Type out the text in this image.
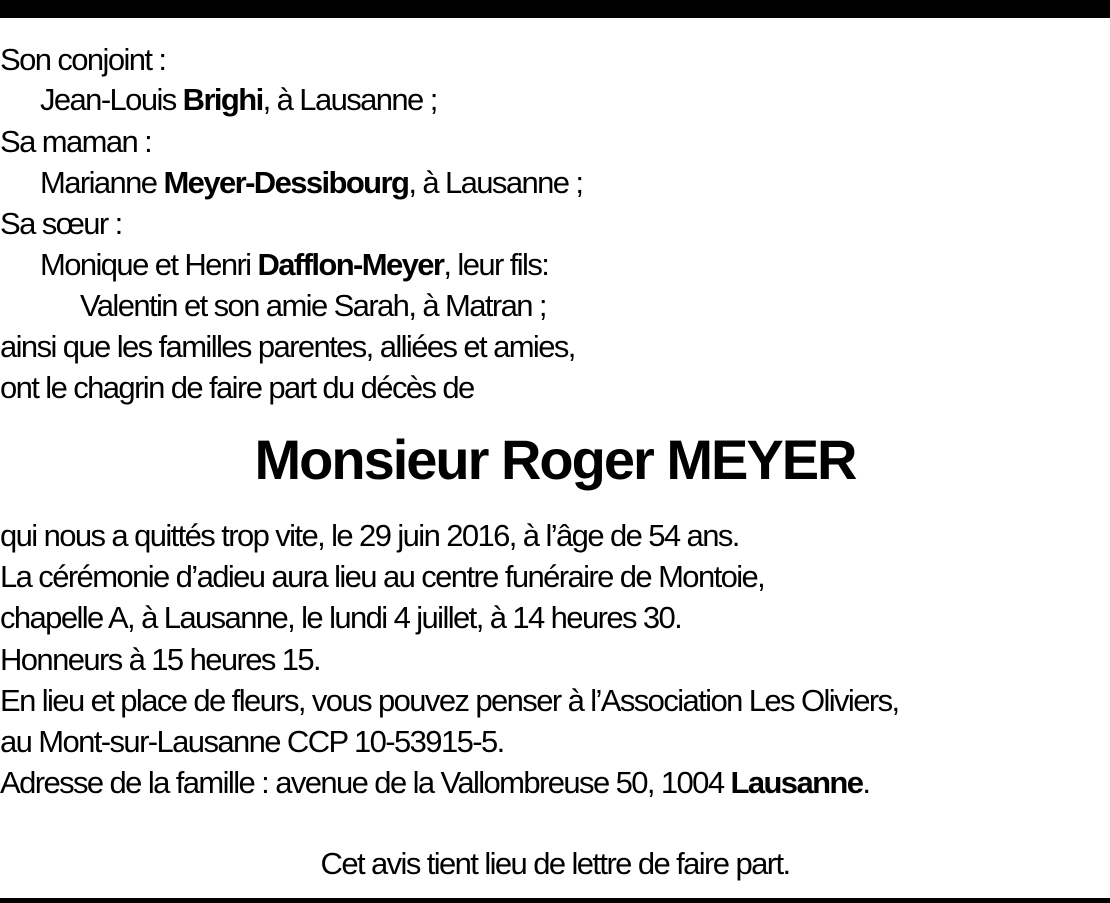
Son conjoint :
Jean-Louis Brighi, à Lausanne ;
Sa maman :
Marianne Meyer-Dessibourg, à Lausanne ;
Sa sœur :
Monique et Henri Dafflon-Meyer, leur fils:
Valentin et son amie Sarah, à Matran ;
ainsi que les familles parentes, alliées et amies,
ont le chagrin de faire part du décès de
Monsieur Roger MEYER
qui nous a quittés trop vite, le 29 juin 2016, à l’âge de 54 ans.
La cérémonie d’adieu aura lieu au centre funéraire de Montoie,
chapelle A, à Lausanne, le lundi 4 juillet, à 14 heures 30.
Honneurs à 15 heures 15.
En lieu et place de fleurs, vous pouvez penser à l’Association Les Oliviers,
au Mont-sur-Lausanne CCP 10-53915-5.
Adresse de la famille : avenue de la Vallombreuse 50, 1004 Lausanne.
Cet avis tient lieu de lettre de faire part.
